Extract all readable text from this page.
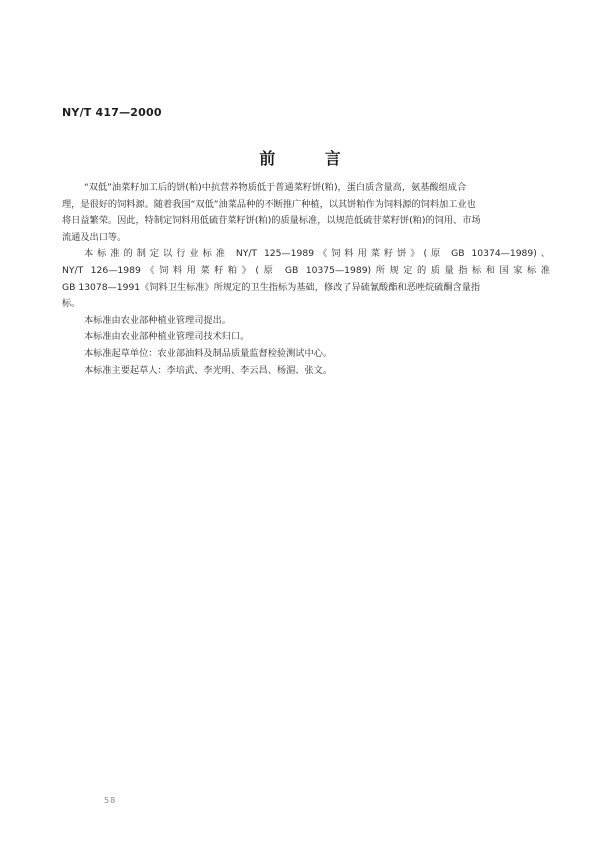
NY/T 417—2000
前 言
“双低”油菜籽加工后的饼(粕)中抗营养物质低于普通菜籽饼(粕)，蛋白质含量高，氨基酸组成合
理，是很好的饲料源。随着我国“双低”油菜品种的不断推广种植，以其饼粕作为饲料源的饲料加工业也
将日益繁荣。因此，特制定饲料用低硫苷菜籽饼(粕)的质量标准，以规范低硫苷菜籽饼(粕)的饲用、市场
流通及出口等。
本标准的制定以行业标准 NY/T 125—1989《饲料用菜籽饼》(原 GB 10374—1989)、
NY/T 126—1989《饲料用菜籽粕》(原 GB 10375—1989)所规定的质量指标和国家标准
GB 13078—1991《饲料卫生标准》所规定的卫生指标为基础，修改了异硫氰酸酯和恶唑烷硫酮含量指
标。
本标准由农业部种植业管理司提出。
本标准由农业部种植业管理司技术归口。
本标准起草单位：农业部油料及制品质量监督检验测试中心。
本标准主要起草人：李培武、李光明、李云昌、杨湄、张文。
58
